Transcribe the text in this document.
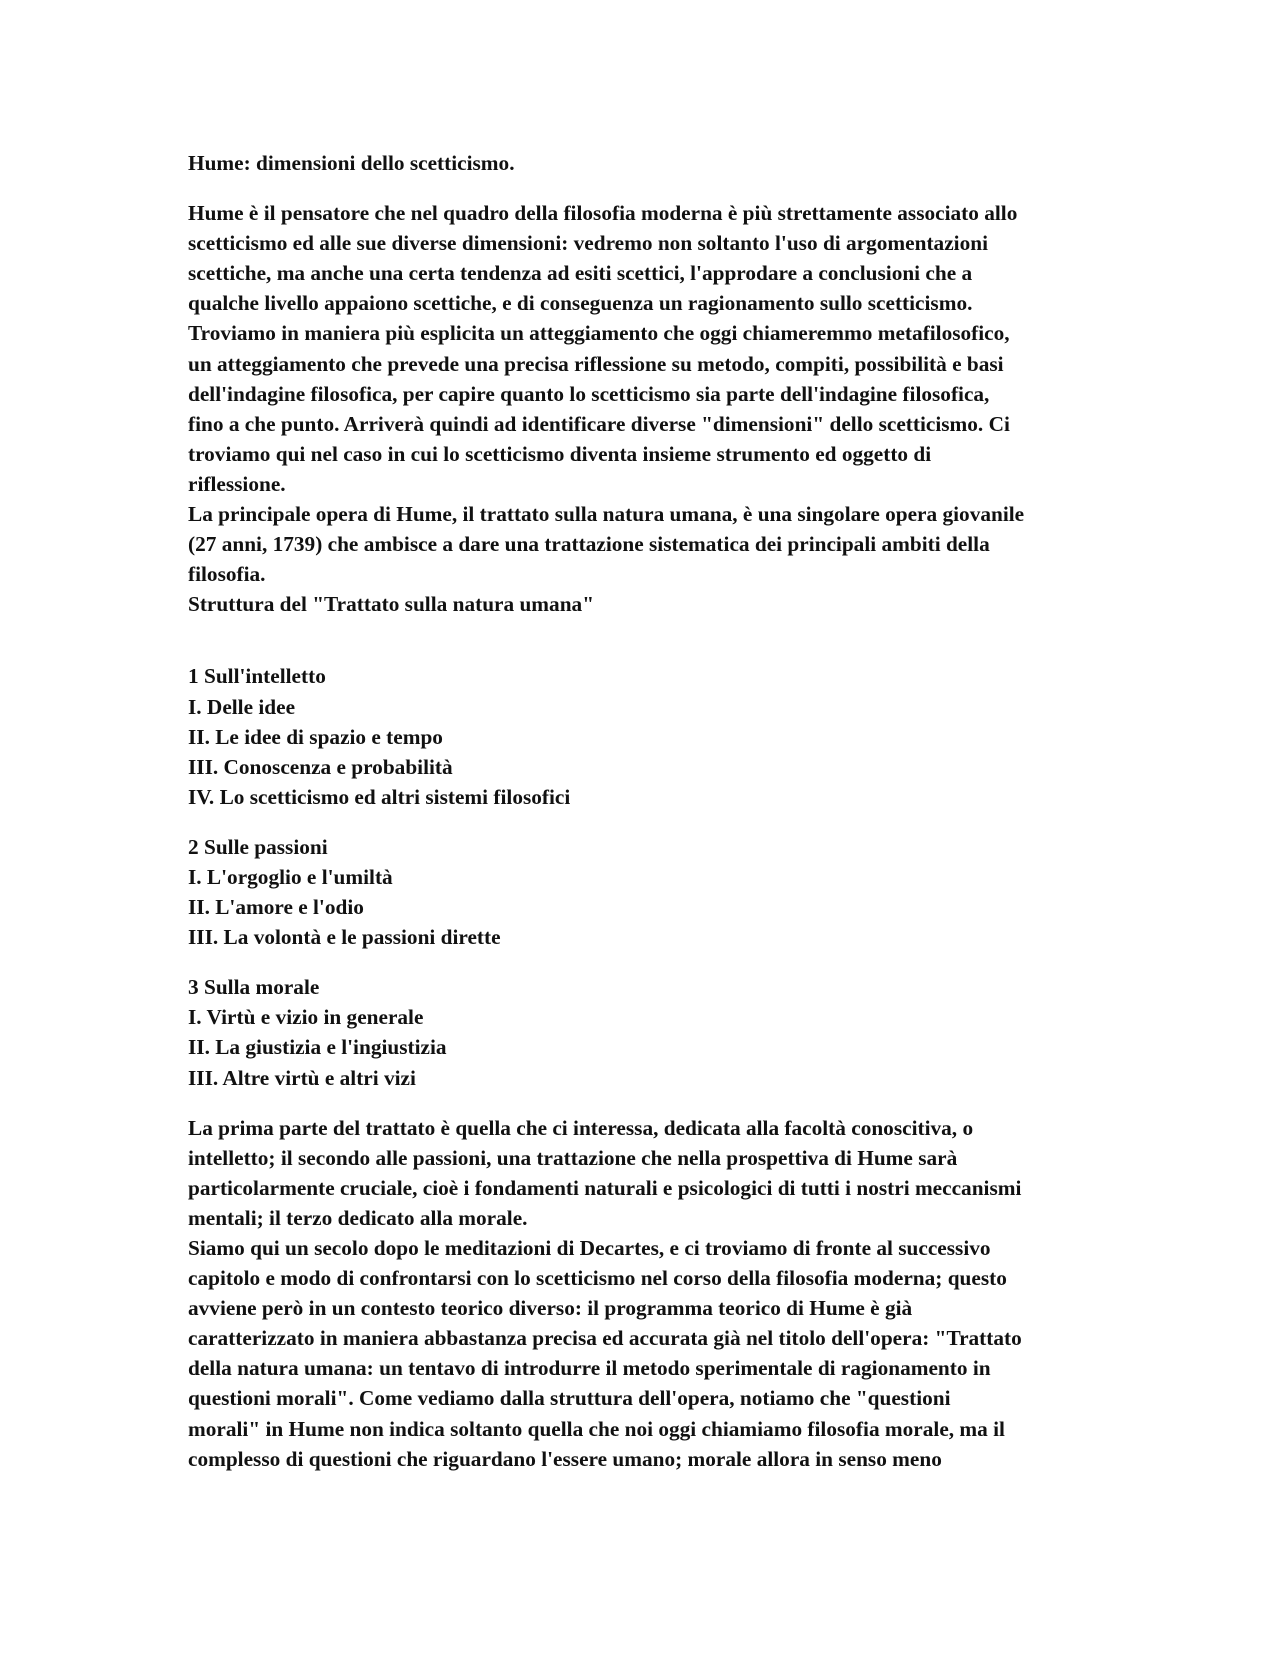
Hume: dimensioni dello scetticismo.
Hume è il pensatore che nel quadro della filosofia moderna è più strettamente associato allo
scetticismo ed alle sue diverse dimensioni: vedremo non soltanto l'uso di argomentazioni
scettiche, ma anche una certa tendenza ad esiti scettici, l'approdare a conclusioni che a
qualche livello appaiono scettiche, e di conseguenza un ragionamento sullo scetticismo.
Troviamo in maniera più esplicita un atteggiamento che oggi chiameremmo metafilosofico,
un atteggiamento che prevede una precisa riflessione su metodo, compiti, possibilità e basi
dell'indagine filosofica, per capire quanto lo scetticismo sia parte dell'indagine filosofica,
fino a che punto. Arriverà quindi ad identificare diverse "dimensioni" dello scetticismo. Ci
troviamo qui nel caso in cui lo scetticismo diventa insieme strumento ed oggetto di
riflessione.
La principale opera di Hume, il trattato sulla natura umana, è una singolare opera giovanile
(27 anni, 1739) che ambisce a dare una trattazione sistematica dei principali ambiti della
filosofia.
Struttura del "Trattato sulla natura umana"
1 Sull'intelletto
I. Delle idee
II. Le idee di spazio e tempo
III. Conoscenza e probabilità
IV. Lo scetticismo ed altri sistemi filosofici
2 Sulle passioni
I. L'orgoglio e l'umiltà
II. L'amore e l'odio
III. La volontà e le passioni dirette
3 Sulla morale
I. Virtù e vizio in generale
II. La giustizia e l'ingiustizia
III. Altre virtù e altri vizi
La prima parte del trattato è quella che ci interessa, dedicata alla facoltà conoscitiva, o
intelletto; il secondo alle passioni, una trattazione che nella prospettiva di Hume sarà
particolarmente cruciale, cioè i fondamenti naturali e psicologici di tutti i nostri meccanismi
mentali; il terzo dedicato alla morale.
Siamo qui un secolo dopo le meditazioni di Decartes, e ci troviamo di fronte al successivo
capitolo e modo di confrontarsi con lo scetticismo nel corso della filosofia moderna; questo
avviene però in un contesto teorico diverso: il programma teorico di Hume è già
caratterizzato in maniera abbastanza precisa ed accurata già nel titolo dell'opera: "Trattato
della natura umana: un tentavo di introdurre il metodo sperimentale di ragionamento in
questioni morali". Come vediamo dalla struttura dell'opera, notiamo che "questioni
morali" in Hume non indica soltanto quella che noi oggi chiamiamo filosofia morale, ma il
complesso di questioni che riguardano l'essere umano; morale allora in senso meno
